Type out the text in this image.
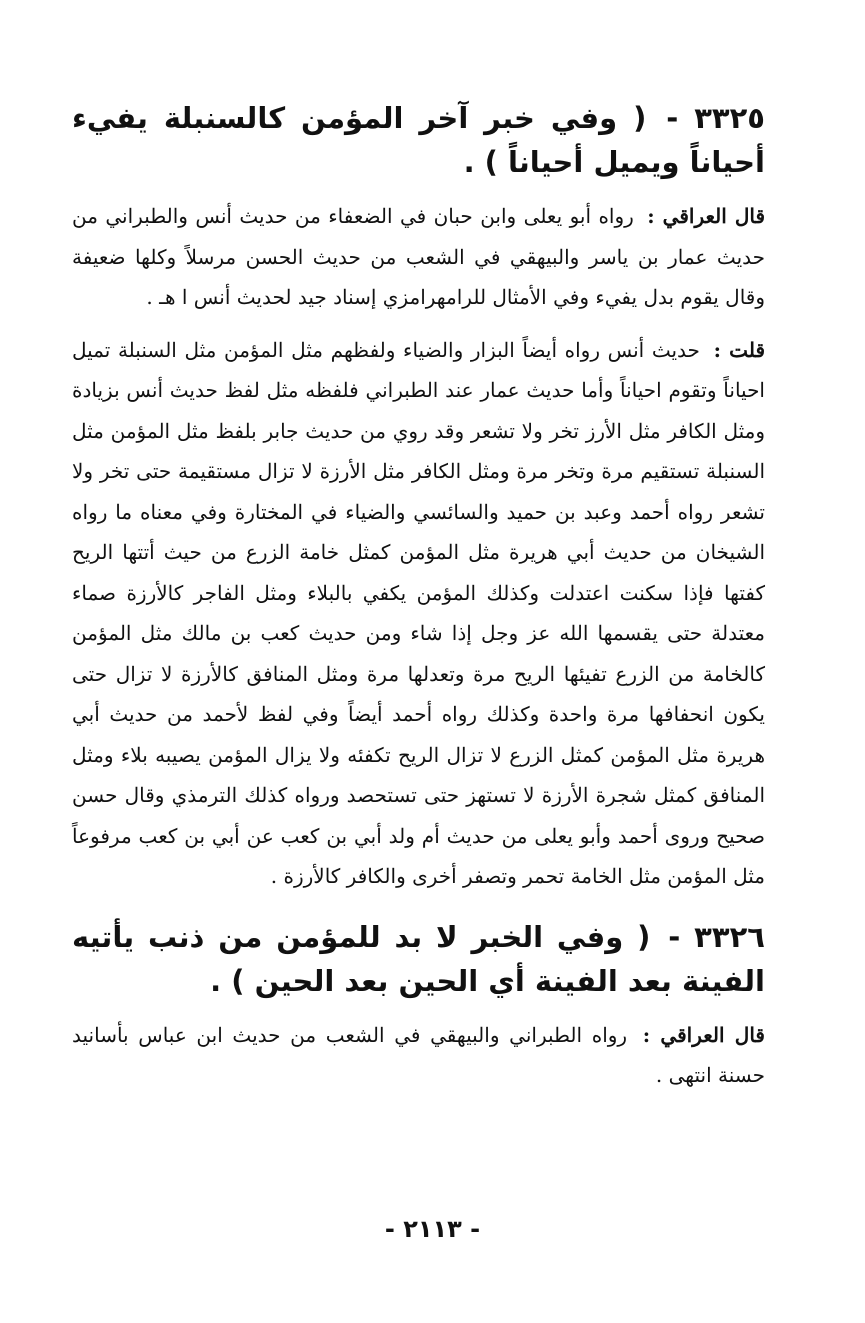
٣٣٢٥ - ( وفي خبر آخر المؤمن كالسنبلة يفيء أحياناً ويميل أحياناً ) .

قال العراقي : رواه أبو يعلى وابن حبان في الضعفاء من حديث أنس والطبراني من حديث عمار بن ياسر والبيهقي في الشعب من حديث الحسن مرسلاً وكلها ضعيفة وقال يقوم بدل يفيء وفي الأمثال للرامهرامزي إسناد جيد لحديث أنس ا هـ .

قلت : حديث أنس رواه أيضاً البزار والضياء ولفظهم مثل المؤمن مثل السنبلة تميل احياناً وتقوم احياناً وأما حديث عمار عند الطبراني فلفظه مثل لفظ حديث أنس بزيادة ومثل الكافر مثل الأرز تخر ولا تشعر وقد روي من حديث جابر بلفظ مثل المؤمن مثل السنبلة تستقيم مرة وتخر مرة ومثل الكافر مثل الأرزة لا تزال مستقيمة حتى تخر ولا تشعر رواه أحمد وعبد بن حميد والسائسي والضياء في المختارة وفي معناه ما رواه الشيخان من حديث أبي هريرة مثل المؤمن كمثل خامة الزرع من حيث أتتها الريح كفتها فإذا سكنت اعتدلت وكذلك المؤمن يكفي بالبلاء ومثل الفاجر كالأرزة صماء معتدلة حتى يقسمها الله عز وجل إذا شاء ومن حديث كعب بن مالك مثل المؤمن كالخامة من الزرع تفيئها الريح مرة وتعدلها مرة ومثل المنافق كالأرزة لا تزال حتى يكون انحفافها مرة واحدة وكذلك رواه أحمد أيضاً وفي لفظ لأحمد من حديث أبي هريرة مثل المؤمن كمثل الزرع لا تزال الريح تكفئه ولا يزال المؤمن يصيبه بلاء ومثل المنافق كمثل شجرة الأرزة لا تستهز حتى تستحصد ورواه كذلك الترمذي وقال حسن صحيح وروى أحمد وأبو يعلى من حديث أم ولد أبي بن كعب عن أبي بن كعب مرفوعاً مثل المؤمن مثل الخامة تحمر وتصفر أخرى والكافر كالأرزة .

٣٣٢٦ - ( وفي الخبر لا بد للمؤمن من ذنب يأتيه الفينة بعد الفينة أي الحين بعد الحين ) .

قال العراقي : رواه الطبراني والبيهقي في الشعب من حديث ابن عباس بأسانيد حسنة انتهى .

- ٢١١٣ -
